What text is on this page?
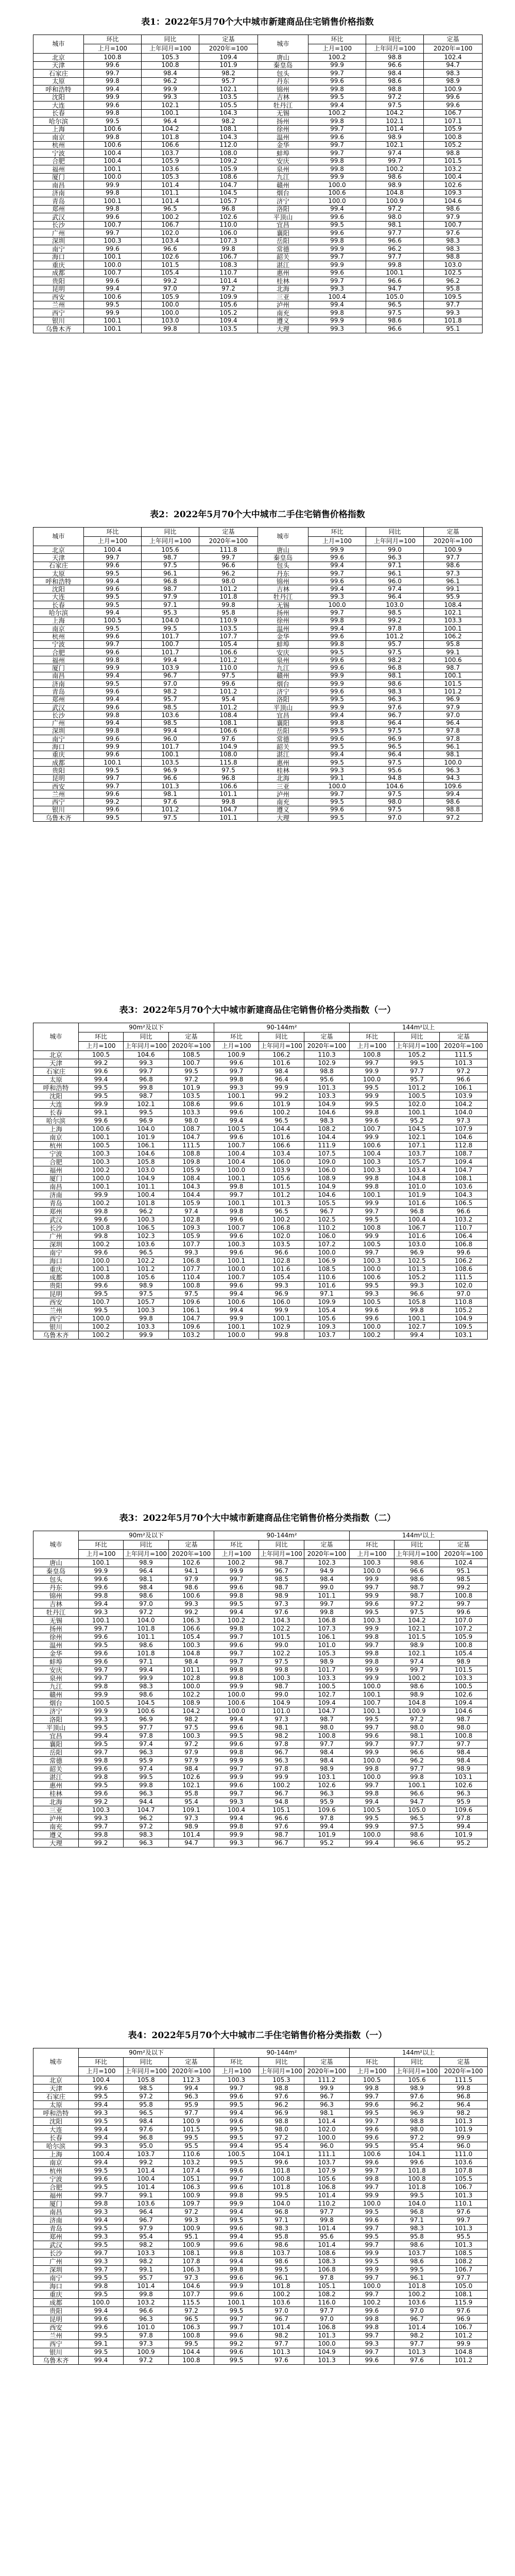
表1：2022年5月70个大中城市新建商品住宅销售价格指数
城市	环比	同比	定基	城市	环比	同比	定基
	上月=100	上年同月=100	2020年=100		上月=100	上年同月=100	2020年=100
北京	100.8	105.3	109.4	唐山	100.2	98.8	102.4
天津	99.6	100.8	101.9	秦皇岛	99.9	96.6	94.7
石家庄	99.7	98.4	98.2	包头	99.7	98.4	98.3
太原	99.8	96.2	95.7	丹东	99.6	98.6	98.9
呼和浩特	99.4	99.9	102.1	锦州	99.8	98.8	100.9
沈阳	99.9	99.3	103.5	吉林	99.5	97.2	99.6
大连	99.6	102.1	105.5	牡丹江	99.4	97.5	99.6
长春	99.8	100.1	104.3	无锡	100.2	104.2	106.7
哈尔滨	99.5	96.4	98.2	扬州	99.8	102.1	107.1
上海	100.6	104.2	108.1	徐州	99.7	101.4	105.9
南京	99.8	101.8	104.3	温州	99.6	98.9	100.8
杭州	100.6	106.6	112.0	金华	99.7	102.1	105.2
宁波	100.4	103.7	108.0	蚌埠	99.7	97.4	98.8
合肥	100.4	105.9	109.2	安庆	99.8	99.7	101.5
福州	100.1	103.6	105.9	泉州	99.8	100.2	103.2
厦门	100.0	105.3	108.6	九江	99.9	98.6	100.4
南昌	99.9	101.4	104.7	赣州	100.0	98.9	102.6
济南	99.8	101.1	104.5	烟台	100.6	104.8	109.3
青岛	100.1	101.4	105.7	济宁	100.0	100.9	104.6
郑州	99.8	96.5	96.8	洛阳	99.4	97.2	98.6
武汉	99.6	100.2	102.6	平顶山	99.6	98.0	97.9
长沙	100.7	106.7	110.0	宜昌	99.5	98.1	100.7
广州	99.7	102.0	106.0	襄阳	99.6	97.7	97.6
深圳	100.3	103.4	107.3	岳阳	99.8	96.6	98.3
南宁	99.6	96.6	99.8	常德	99.9	96.2	98.3
海口	100.1	102.6	106.7	韶关	99.7	97.7	98.8
重庆	100.0	101.5	108.3	湛江	99.9	99.8	103.0
成都	100.7	105.4	110.7	惠州	99.6	100.1	102.5
贵阳	99.6	99.2	101.4	桂林	99.7	96.6	96.2
昆明	99.4	97.0	97.2	北海	99.3	94.7	95.8
西安	100.6	105.9	109.9	三亚	100.4	105.0	109.5
兰州	99.5	100.0	105.6	泸州	99.4	96.5	97.7
西宁	99.9	100.0	105.2	南充	99.8	97.5	99.3
银川	100.1	103.0	109.4	遵义	99.9	98.6	101.8
乌鲁木齐	100.1	99.8	103.5	大理	99.3	96.6	95.1
表2：2022年5月70个大中城市二手住宅销售价格指数
城市	环比	同比	定基	城市	环比	同比	定基
	上月=100	上年同月=100	2020年=100		上月=100	上年同月=100	2020年=100
北京	100.4	105.6	111.8	唐山	99.9	99.0	100.9
天津	99.7	98.7	99.7	秦皇岛	99.6	96.3	97.7
石家庄	99.6	97.5	96.6	包头	99.4	97.1	98.6
太原	99.5	96.1	96.2	丹东	99.7	96.1	97.3
呼和浩特	99.4	96.8	98.0	锦州	99.6	96.0	96.1
沈阳	99.6	98.7	101.2	吉林	99.4	97.4	99.1
大连	99.5	97.9	101.8	牡丹江	99.3	96.4	95.9
长春	99.5	97.1	99.8	无锡	100.0	103.0	108.4
哈尔滨	99.4	95.3	95.8	扬州	99.7	98.5	102.1
上海	100.5	104.0	110.9	徐州	99.8	99.2	103.3
南京	99.5	99.5	103.5	温州	99.4	97.8	100.1
杭州	99.6	101.7	107.7	金华	99.6	101.2	106.2
宁波	99.7	100.7	105.4	蚌埠	99.8	95.7	95.8
合肥	99.6	101.7	106.6	安庆	99.5	97.5	99.1
福州	99.8	99.4	101.2	泉州	99.6	98.2	100.6
厦门	99.9	103.9	110.0	九江	99.6	96.8	98.7
南昌	99.4	96.7	97.5	赣州	99.9	98.1	100.1
济南	99.5	97.0	99.6	烟台	99.9	98.6	101.5
青岛	99.6	98.2	101.2	济宁	99.6	98.3	101.2
郑州	99.4	95.7	95.4	洛阳	99.5	96.3	96.9
武汉	99.6	98.5	101.2	平顶山	99.9	97.6	97.9
长沙	99.8	103.6	108.4	宜昌	99.4	96.7	97.0
广州	99.4	98.5	108.1	襄阳	99.8	96.4	96.4
深圳	99.8	99.4	106.6	岳阳	99.5	97.5	97.8
南宁	99.6	96.0	97.6	常德	99.6	96.9	97.8
海口	99.9	101.7	104.9	韶关	99.5	96.5	96.1
重庆	99.6	100.1	108.0	湛江	99.4	96.4	98.1
成都	100.1	103.5	115.8	惠州	99.5	97.5	100.0
贵阳	99.5	96.9	97.5	桂林	99.3	95.6	96.3
昆明	99.7	96.6	96.8	北海	99.1	94.8	94.3
西安	99.7	101.3	106.6	三亚	100.0	104.6	109.6
兰州	99.6	98.1	101.1	泸州	99.7	97.5	99.4
西宁	99.2	97.6	99.8	南充	99.5	98.0	98.6
银川	99.6	101.2	104.7	遵义	99.6	97.5	98.8
乌鲁木齐	99.5	97.5	101.1	大理	99.5	97.0	97.2
表3：2022年5月70个大中城市新建商品住宅销售价格分类指数（一）
城市	90m²及以下			90-144m²			144m²以上		
	环比	同比	定基	环比	同比	定基	环比	同比	定基
	上月=100	上年同月=100	2020年=100	上月=100	上年同月=100	2020年=100	上月=100	上年同月=100	2020年=100
北京	100.5	104.6	108.5	100.9	106.2	110.3	100.8	105.2	111.5
天津	99.2	99.3	100.7	99.6	101.6	102.9	99.7	99.5	101.3
石家庄	99.6	99.7	99.5	99.7	98.4	98.8	99.9	97.7	97.2
太原	99.4	96.8	97.2	99.8	96.4	95.6	100.0	95.7	96.6
呼和浩特	99.5	99.8	101.9	99.3	99.9	101.3	99.5	101.2	106.1
沈阳	99.5	98.7	103.5	100.1	99.2	103.3	99.9	100.5	103.9
大连	99.9	102.1	108.6	99.6	101.9	104.9	99.5	102.0	104.2
长春	99.1	99.5	103.3	99.6	100.2	104.6	99.8	100.1	104.0
哈尔滨	99.6	96.9	98.0	99.4	96.5	98.3	99.6	95.2	97.3
上海	100.6	104.0	108.7	100.5	104.4	108.2	100.7	104.5	107.9
南京	100.1	101.9	104.7	99.6	101.6	104.4	99.9	102.1	104.6
杭州	100.5	106.1	111.5	100.7	106.6	111.9	100.6	107.1	112.8
宁波	100.3	104.6	108.8	100.4	103.4	107.5	100.4	103.7	108.7
合肥	100.3	105.8	109.8	100.4	106.0	109.0	100.3	105.7	109.4
福州	100.2	103.0	105.9	100.0	103.9	106.0	100.3	103.4	104.7
厦门	100.0	104.9	108.4	100.1	105.6	108.9	99.8	104.8	108.1
南昌	100.1	101.1	104.3	99.8	101.5	104.9	99.8	101.0	103.6
济南	99.9	100.4	104.4	99.7	101.2	104.6	100.1	101.9	104.3
青岛	100.2	101.8	105.9	100.1	101.3	105.5	99.9	101.6	106.5
郑州	99.8	96.2	97.4	99.8	96.5	96.7	99.7	96.8	96.6
武汉	99.6	100.3	102.8	99.6	100.2	102.5	99.5	100.4	103.2
长沙	100.8	106.5	109.3	100.7	106.8	110.2	100.8	106.7	110.7
广州	99.8	102.3	105.9	99.6	102.0	106.0	99.9	101.6	106.4
深圳	100.2	103.6	107.7	100.3	103.5	107.2	100.5	103.0	106.8
南宁	99.6	96.5	99.3	99.6	96.6	100.0	99.7	96.9	99.6
海口	100.0	102.2	106.8	100.1	102.8	106.9	100.3	102.5	106.2
重庆	100.1	101.2	107.7	100.0	101.6	108.5	100.0	101.3	108.6
成都	100.8	105.6	110.4	100.7	105.4	110.6	100.6	105.2	111.5
贵阳	99.6	98.9	100.8	99.6	99.3	101.6	99.5	99.3	102.0
昆明	99.5	97.5	97.5	99.4	96.9	97.1	99.3	96.6	97.0
西安	100.7	105.7	109.6	100.6	106.0	109.9	100.5	105.8	110.8
兰州	99.5	100.3	106.1	99.4	99.9	105.4	99.6	99.8	105.2
西宁	100.0	99.8	104.7	99.9	100.1	105.6	99.6	100.1	104.9
银川	100.2	103.3	109.6	100.1	102.9	109.3	100.0	102.7	109.5
乌鲁木齐	100.2	99.9	103.2	100.0	99.8	103.7	100.2	99.4	103.1
表3：2022年5月70个大中城市新建商品住宅销售价格分类指数（二）
城市	90m²及以下			90-144m²			144m²以上		
	环比	同比	定基	环比	同比	定基	环比	同比	定基
	上月=100	上年同月=100	2020年=100	上月=100	上年同月=100	2020年=100	上月=100	上年同月=100	2020年=100
唐山	100.1	98.9	102.6	100.2	98.7	102.3	100.3	98.6	102.4
秦皇岛	99.9	96.4	94.1	99.9	96.7	94.9	100.0	96.6	95.1
包头	99.6	98.1	97.9	99.7	98.5	98.4	99.9	98.6	98.5
丹东	99.6	98.4	98.6	99.6	98.7	99.0	99.7	98.7	99.2
锦州	99.8	98.6	100.6	99.8	98.9	101.1	99.9	98.7	100.8
吉林	99.4	97.0	99.3	99.5	97.3	99.7	99.6	97.2	99.7
牡丹江	99.3	97.2	99.2	99.4	97.6	99.8	99.5	97.5	99.6
无锡	100.1	104.0	106.3	100.2	104.3	106.8	100.3	104.2	107.0
扬州	99.7	101.8	106.6	99.8	102.2	107.3	99.9	102.1	107.2
徐州	99.6	101.1	105.4	99.7	101.5	106.1	99.8	101.5	105.9
温州	99.5	98.6	100.3	99.6	99.0	101.0	99.7	98.9	100.8
金华	99.6	101.8	104.8	99.7	102.2	105.3	99.8	102.1	105.4
蚌埠	99.6	97.1	98.4	99.7	97.5	98.9	99.8	97.4	98.9
安庆	99.7	99.4	101.1	99.8	99.8	101.7	99.9	99.7	101.5
泉州	99.7	99.9	102.8	99.8	100.3	103.3	99.9	100.2	103.3
九江	99.8	98.3	100.0	99.9	98.7	100.5	100.0	98.6	100.5
赣州	99.9	98.6	102.2	100.0	99.0	102.7	100.1	98.9	102.6
烟台	100.5	104.5	108.9	100.6	104.9	109.4	100.7	104.8	109.4
济宁	99.9	100.6	104.2	100.0	101.0	104.7	100.1	100.9	104.6
洛阳	99.3	96.9	98.2	99.4	97.3	98.7	99.5	97.2	98.7
平顶山	99.5	97.7	97.5	99.6	98.1	98.0	99.7	98.0	98.0
宜昌	99.4	97.8	100.3	99.5	98.2	100.8	99.6	98.1	100.8
襄阳	99.5	97.4	97.2	99.6	97.8	97.7	99.7	97.7	97.7
岳阳	99.7	96.3	97.9	99.8	96.7	98.4	99.9	96.6	98.4
常德	99.8	95.9	97.9	99.9	96.3	98.4	100.0	96.2	98.4
韶关	99.6	97.4	98.4	99.7	97.8	98.9	99.8	97.7	98.9
湛江	99.8	99.5	102.6	99.9	99.9	103.1	100.0	99.8	103.1
惠州	99.5	99.8	102.1	99.6	100.2	102.6	99.7	100.1	102.6
桂林	99.6	96.3	95.8	99.7	96.7	96.3	99.8	96.6	96.3
北海	99.2	94.4	95.4	99.3	94.8	95.9	99.4	94.7	95.9
三亚	100.3	104.7	109.1	100.4	105.1	109.6	100.5	105.0	109.6
泸州	99.3	96.2	97.3	99.4	96.6	97.8	99.5	96.5	97.8
南充	99.7	97.2	98.9	99.8	97.6	99.4	99.9	97.5	99.4
遵义	99.8	98.3	101.4	99.9	98.7	101.9	100.0	98.6	101.9
大理	99.2	96.3	94.7	99.3	96.7	95.2	99.4	96.6	95.2
表4：2022年5月70个大中城市二手住宅销售价格分类指数（一）
城市	90m²及以下			90-144m²			144m²以上		
	环比	同比	定基	环比	同比	定基	环比	同比	定基
	上月=100	上年同月=100	2020年=100	上月=100	上年同月=100	2020年=100	上月=100	上年同月=100	2020年=100
北京	100.4	105.8	112.3	100.3	105.3	111.2	100.5	105.6	111.5
天津	99.6	98.5	99.4	99.7	98.8	99.9	99.8	98.9	99.8
石家庄	99.5	97.2	96.3	99.6	97.6	96.7	99.7	97.6	96.8
太原	99.4	95.8	95.9	99.5	96.2	96.3	99.6	96.2	96.4
呼和浩特	99.3	96.5	97.7	99.4	96.9	98.1	99.5	96.9	98.2
沈阳	99.5	98.4	100.9	99.6	98.8	101.4	99.7	98.8	101.3
大连	99.4	97.6	101.5	99.5	98.0	102.0	99.6	98.0	101.9
长春	99.4	96.8	99.5	99.5	97.2	100.0	99.6	97.2	99.9
哈尔滨	99.3	95.0	95.5	99.4	95.4	96.0	99.5	95.4	96.0
上海	100.4	103.7	110.6	100.5	104.1	111.1	100.6	104.1	111.0
南京	99.4	99.2	103.2	99.5	99.6	103.7	99.6	99.6	103.6
杭州	99.5	101.4	107.4	99.6	101.8	107.9	99.7	101.8	107.8
宁波	99.6	100.4	105.1	99.7	100.8	105.6	99.8	100.8	105.5
合肥	99.5	101.4	106.3	99.6	101.8	106.8	99.7	101.8	106.7
福州	99.7	99.1	100.9	99.8	99.5	101.4	99.9	99.5	101.3
厦门	99.8	103.6	109.7	99.9	104.0	110.2	100.0	104.0	110.1
南昌	99.3	96.4	97.2	99.4	96.8	97.7	99.5	96.8	97.6
济南	99.4	96.7	99.3	99.5	97.1	99.8	99.6	97.1	99.7
青岛	99.5	97.9	100.9	99.6	98.3	101.4	99.7	98.3	101.3
郑州	99.3	95.4	95.1	99.4	95.8	95.6	99.5	95.8	95.5
武汉	99.5	98.2	100.9	99.6	98.6	101.4	99.7	98.6	101.3
长沙	99.7	103.3	108.1	99.8	103.7	108.6	99.9	103.7	108.5
广州	99.3	98.2	107.8	99.4	98.6	108.3	99.5	98.6	108.2
深圳	99.7	99.1	106.3	99.8	99.5	106.8	99.9	99.5	106.7
南宁	99.5	95.7	97.3	99.6	96.1	97.8	99.7	96.1	97.7
海口	99.8	101.4	104.6	99.9	101.8	105.1	100.0	101.8	105.0
重庆	99.5	99.8	107.7	99.6	100.2	108.2	99.7	100.2	108.1
成都	100.0	103.2	115.5	100.1	103.6	116.0	100.2	103.6	115.9
贵阳	99.4	96.6	97.2	99.5	97.0	97.7	99.6	97.0	97.6
昆明	99.6	96.3	96.5	99.7	96.7	97.0	99.8	96.7	96.9
西安	99.6	101.0	106.3	99.7	101.4	106.8	99.8	101.4	106.7
兰州	99.5	97.8	100.8	99.6	98.2	101.3	99.7	98.2	101.2
西宁	99.1	97.3	99.5	99.2	97.7	100.0	99.3	97.7	99.9
银川	99.5	100.9	104.4	99.6	101.3	104.9	99.7	101.3	104.8
乌鲁木齐	99.4	97.2	100.8	99.5	97.6	101.3	99.6	97.6	101.2
